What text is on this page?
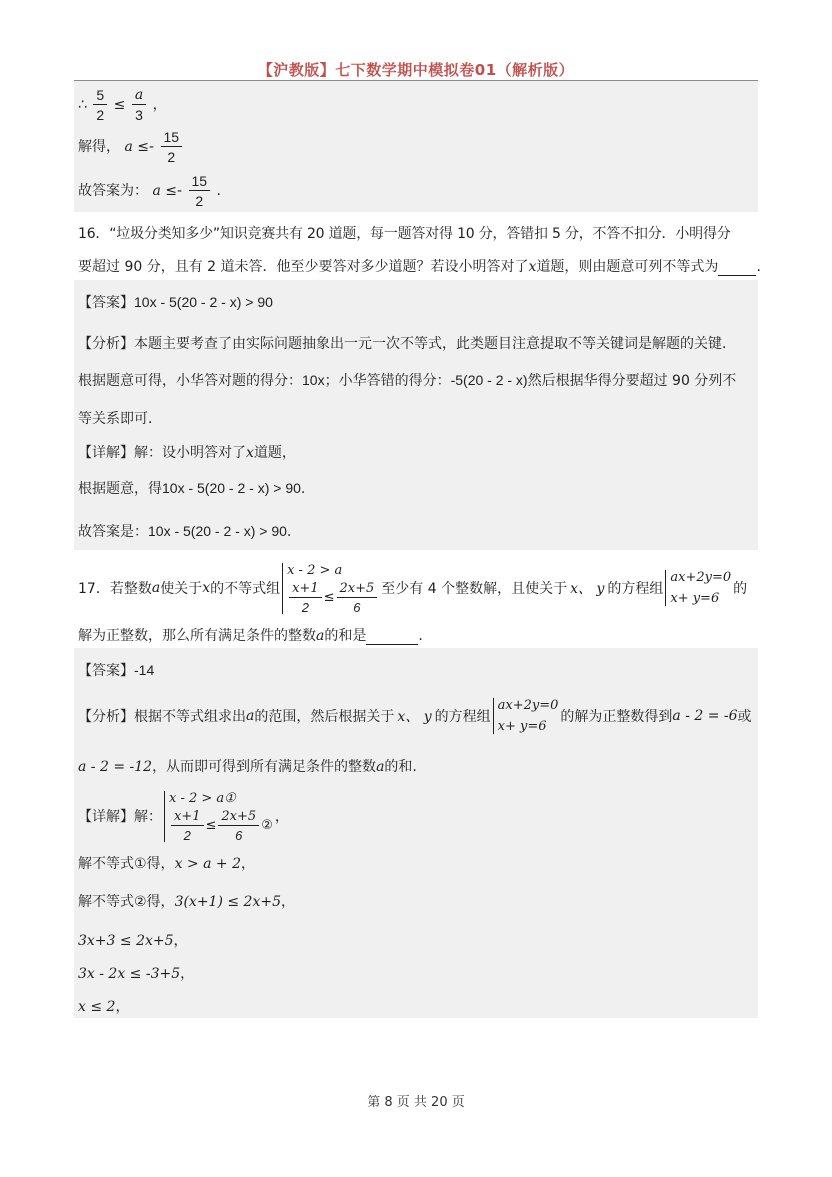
【沪教版】七下数学期中模拟卷01（解析版）
∴ $\frac{5}{2} \le \frac{a}{3}$ ，
解得， $a \le- \frac{15}{2}$
故答案为： $a \le- \frac{15}{2}$ .
16．“垃圾分类知多少”知识竞赛共有 20 道题，每一题答对得 10 分，答错扣 5 分，不答不扣分．小明得分
要超过 90 分，且有 2 道未答．他至少要答对多少道题？若设小明答对了x道题，则由题意可列不等式为	.
【答案】10x - 5(20 - 2 - x) > 90
【分析】本题主要考查了由实际问题抽象出一元一次不等式，此类题目注意提取不等关键词是解题的关键．
根据题意可得，小华答对题的得分：10x；小华答错的得分：-5(20 - 2 - x)然后根据华得分要超过 90 分列不
等关系即可．
【详解】解：设小明答对了x道题，
根据题意，得10x - 5(20 - 2 - x) > 90.
故答案是：10x - 5(20 - 2 - x) > 90.
17．若整数 a 使关于 x 的不等式组
x - 2 > a
$\frac{x+1}{2} \le \frac{2x+5}{6}$ 至少有 4 个整数解，且使关于 x、 y 的方程组
ax+2y=0
x+ y=6
的
解为正整数，那么所有满足条件的整数a的和是	.
【答案】-14
【分析】 根据不等式组求出 a 的范围，然后根据关于 x、 y 的方程组
ax+2y=0
x+ y=6
的解为正整数得到 a - 2 = -6 或
a - 2 = -12，从而即可得到所有满足条件的整数a的和.
【详解】 解：
x - 2 > a①
$\frac{x+1}{2} \le \frac{2x+5}{6}$ ②
，
解不等式①得，x > a + 2，
解不等式②得，3(x+1) ≤ 2x+5，
3x+3 ≤ 2x+5，
3x - 2x ≤ -3+5，
x ≤ 2，
第 8 页 共 20 页
